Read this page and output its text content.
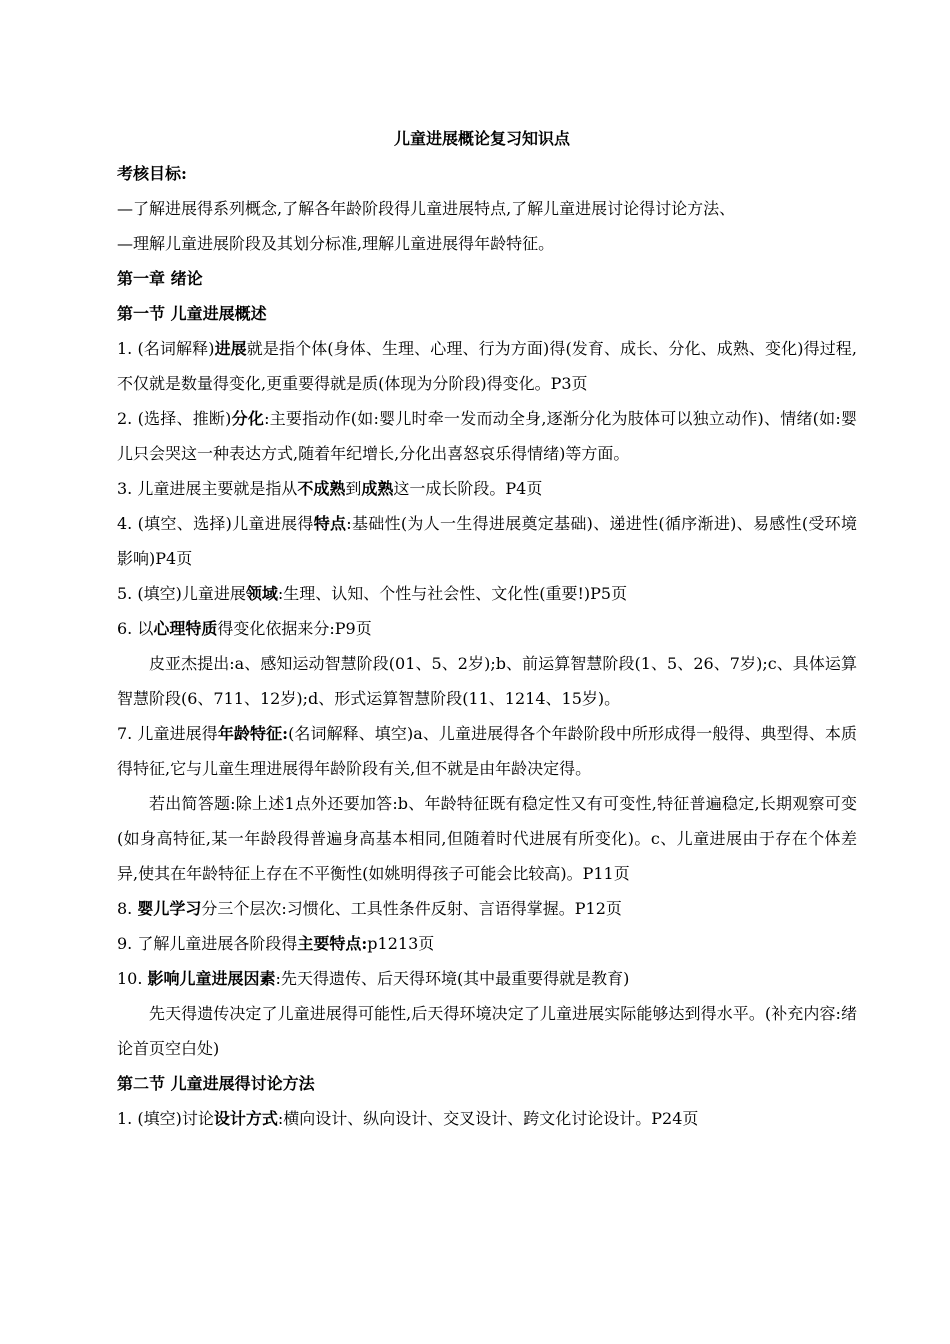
儿童进展概论复习知识点
考核目标:
—了解进展得系列概念,了解各年龄阶段得儿童进展特点,了解儿童进展讨论得讨论方法、
—理解儿童进展阶段及其划分标准,理解儿童进展得年龄特征。
第一章 绪论
第一节 儿童进展概述

1. (名词解释)进展就是指个体(身体、生理、心理、行为方面)得(发育、成长、分化、成熟、变化)得过程,不仅就是数量得变化,更重要得就是质(体现为分阶段)得变化。P3页

2. (选择、推断)分化:主要指动作(如:婴儿时牵一发而动全身,逐渐分化为肢体可以独立动作)、情绪(如:婴儿只会哭这一种表达方式,随着年纪增长,分化出喜怒哀乐得情绪)等方面。

3. 儿童进展主要就是指从不成熟到成熟这一成长阶段。P4页

4. (填空、选择)儿童进展得特点:基础性(为人一生得进展奠定基础)、递进性(循序渐进)、易感性(受环境影响)P4页

5. (填空)儿童进展领域:生理、认知、个性与社会性、文化性(重要!)P5页

6. 以心理特质得变化依据来分:P9页

皮亚杰提出:a、感知运动智慧阶段(01、5、2岁);b、前运算智慧阶段(1、5、26、7岁);c、具体运算智慧阶段(6、711、12岁);d、形式运算智慧阶段(11、1214、15岁)。

7. 儿童进展得年龄特征:(名词解释、填空)a、儿童进展得各个年龄阶段中所形成得一般得、典型得、本质得特征,它与儿童生理进展得年龄阶段有关,但不就是由年龄决定得。

若出简答题:除上述1点外还要加答:b、年龄特征既有稳定性又有可变性,特征普遍稳定,长期观察可变(如身高特征,某一年龄段得普遍身高基本相同,但随着时代进展有所变化)。c、儿童进展由于存在个体差异,使其在年龄特征上存在不平衡性(如姚明得孩子可能会比较高)。P11页

8. 婴儿学习分三个层次:习惯化、工具性条件反射、言语得掌握。P12页

9. 了解儿童进展各阶段得主要特点:p1213页

10. 影响儿童进展因素:先天得遗传、后天得环境(其中最重要得就是教育)

先天得遗传决定了儿童进展得可能性,后天得环境决定了儿童进展实际能够达到得水平。(补充内容:绪论首页空白处)

第二节 儿童进展得讨论方法

1. (填空)讨论设计方式:横向设计、纵向设计、交叉设计、跨文化讨论设计。P24页
